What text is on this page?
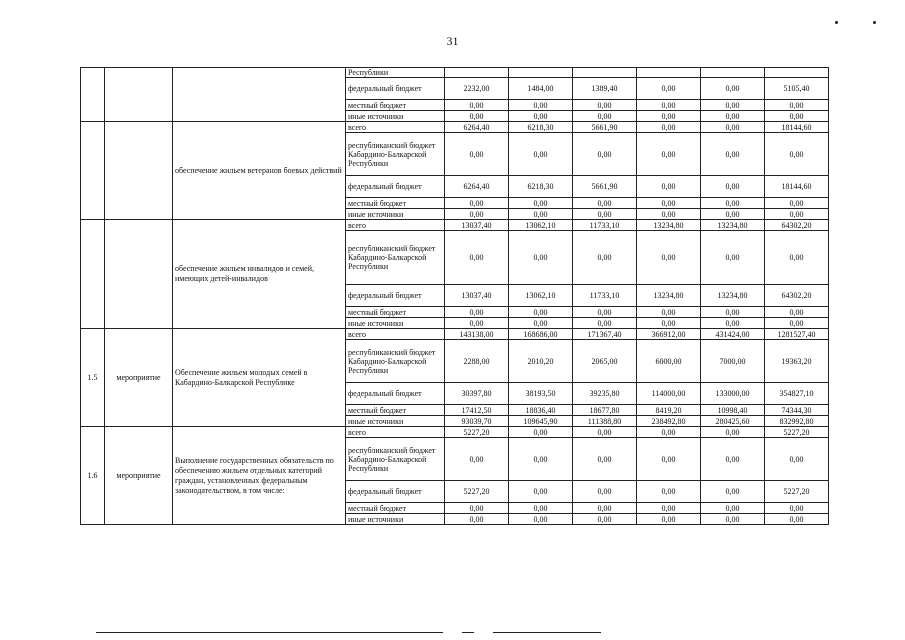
31
			Республики						
			федеральный бюджет	2232,00	1484,00	1389,40	0,00	0,00	5105,40
			местный бюджет	0,00	0,00	0,00	0,00	0,00	0,00
			иные источники	0,00	0,00	0,00	0,00	0,00	0,00
		обеспечение жильем ветеранов боевых действий	всего	6264,40	6218,30	5661,90	0,00	0,00	18144,60
			республиканский бюджет Кабардино-Балкарской Республики	0,00	0,00	0,00	0,00	0,00	0,00
			федеральный бюджет	6264,40	6218,30	5661,90	0,00	0,00	18144,60
			местный бюджет	0,00	0,00	0,00	0,00	0,00	0,00
			иные источники	0,00	0,00	0,00	0,00	0,00	0,00
		обеспечение жильем инвалидов и семей, имеющих детей-инвалидов	всего	13037,40	13062,10	11733,10	13234,80	13234,80	64302,20
			республиканский бюджет Кабардино-Балкарской Республики	0,00	0,00	0,00	0,00	0,00	0,00
			федеральный бюджет	13037,40	13062,10	11733,10	13234,80	13234,80	64302,20
			местный бюджет	0,00	0,00	0,00	0,00	0,00	0,00
			иные источники	0,00	0,00	0,00	0,00	0,00	0,00
1.5	мероприятие	Обеспечение жильем молодых семей в Кабардино-Балкарской Республике	всего	143138,00	168686,00	171367,40	366912,00	431424,00	1281527,40
			республиканский бюджет Кабардино-Балкарской Республики	2288,00	2010,20	2065,00	6000,00	7000,00	19363,20
			федеральный бюджет	30397,80	38193,50	39235,80	114000,00	133000,00	354827,10
			местный бюджет	17412,50	18836,40	18677,80	8419,20	10998,40	74344,30
			иные источники	93039,70	109645,90	111388,80	238492,80	280425,60	832992,80
1.6	мероприятие	Выполнение государственных обязательств по обеспечению жильем отдельных категорий граждан, установленных федеральным законодательством, в том числе:	всего	5227,20	0,00	0,00	0,00	0,00	5227,20
			республиканский бюджет Кабардино-Балкарской Республики	0,00	0,00	0,00	0,00	0,00	0,00
			федеральный бюджет	5227,20	0,00	0,00	0,00	0,00	5227,20
			местный бюджет	0,00	0,00	0,00	0,00	0,00	0,00
			иные источники	0,00	0,00	0,00	0,00	0,00	0,00
